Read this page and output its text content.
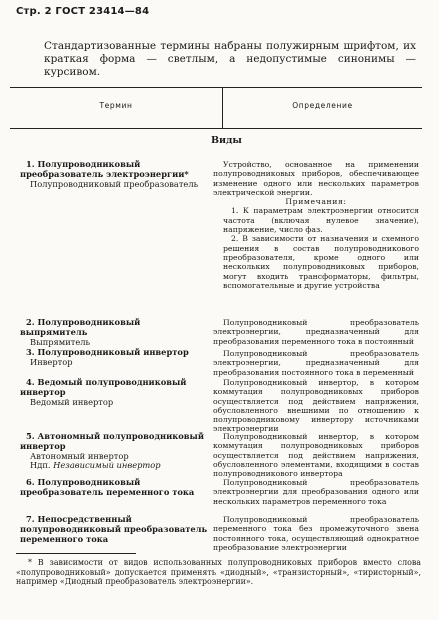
Стр. 2 ГОСТ 23414—84
Стандартизованные термины набраны полужирным шрифтом, их краткая форма — светлым, а недопустимые синонимы — курсивом.
Термин	Определение
Виды
1. Полупроводниковый преобразователь электроэнергии*
Полупроводниковый преобразователь

Устройство, основанное на применении полупроводниковых приборов, обеспечивающее изменение одного или нескольких параметров электрической энергии.

Примечания:

1. К параметрам электроэнергии относится частота (включая нулевое значение), напряжение, число фаз.

2. В зависимости от назначения и схемного решения в состав полупроводникового преобразователя, кроме одного или нескольких полупроводниковых приборов, могут входить трансформаторы, фильтры, вспомогательные и другие устройства

2. Полупроводниковый выпрямитель
Выпрямитель

Полупроводниковый преобразователь электроэнергии, предназначенный для преобразования переменного тока в постоянный

3. Полупроводниковый инвертор
Инвертор

Полупроводниковый преобразователь электроэнергии, предназначенный для преобразования постоянного тока в переменный

4. Ведомый полупроводниковый инвертор
Ведомый инвертор

Полупроводниковый инвертор, в котором коммутация полупроводниковых приборов осуществляется под действием напряжения, обусловленного внешними по отношению к полупроводниковому инвертору источниками электроэнергии

5. Автономный полупроводниковый инвертор
Автономный инвертор
Ндп. Независимый инвертор

Полупроводниковый инвертор, в котором коммутация полупроводниковых приборов осуществляется под действием напряжения, обусловленного элементами, входящими в состав полупроводникового инвертора

6. Полупроводниковый преобразователь переменного тока

Полупроводниковый преобразователь электроэнергии для преобразования одного или нескольких параметров переменного тока

7. Непосредственный полупроводниковый преобразователь переменного тока

Полупроводниковый преобразователь переменного тока без промежуточного звена постоянного тока, осуществляющий однократное преобразование электроэнергии

* В зависимости от видов использованных полупроводниковых приборов вместо слова «полупроводниковый» допускается применять «диодный», «транзисторный», «тиристорный», например «Диодный преобразователь электроэнергии».
